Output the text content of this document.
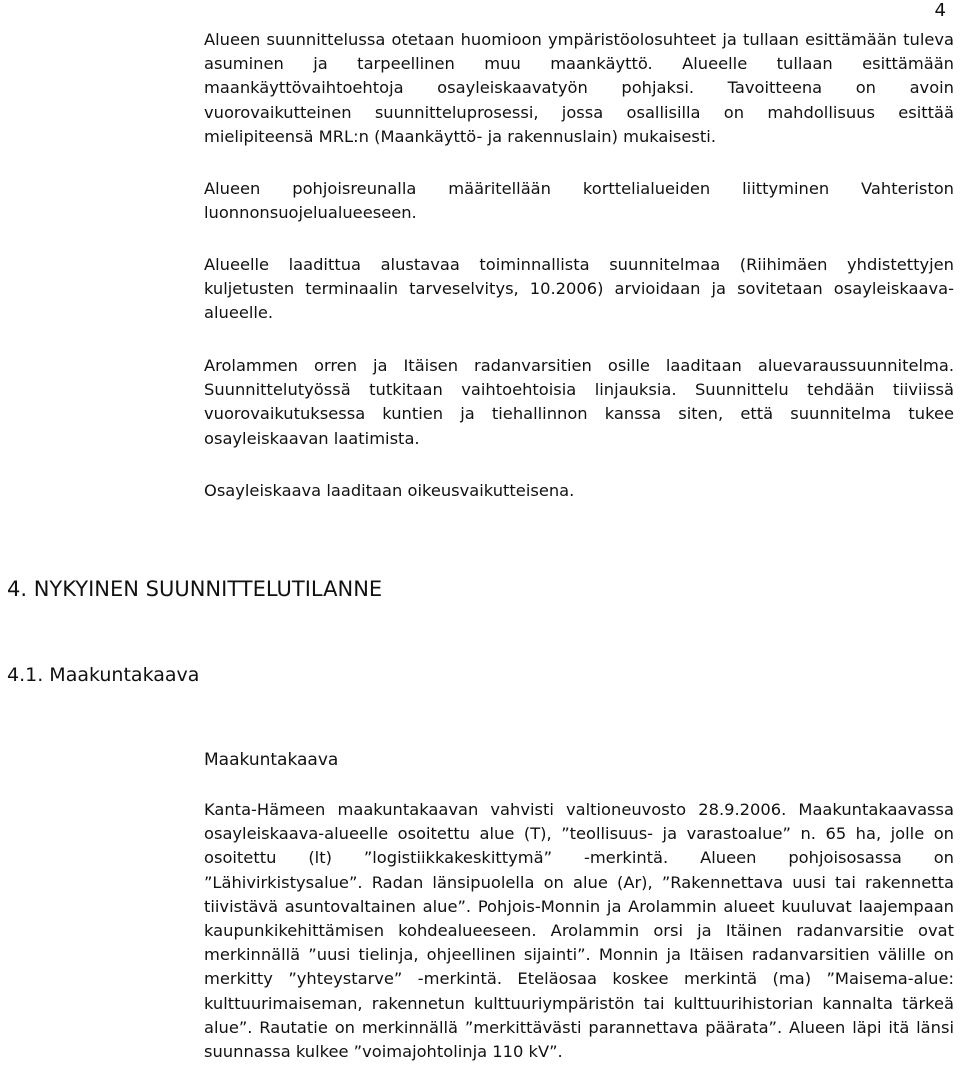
4

Alueen suunnittelussa otetaan huomioon ympäristöolosuhteet ja tullaan esittämään tuleva asuminen ja tarpeellinen muu maankäyttö. Alueelle tullaan esittämään maankäyttövaihtoehtoja osayleiskaavatyön pohjaksi. Tavoitteena on avoin vuorovaikutteinen suunnitteluprosessi, jossa osallisilla on mahdollisuus esittää mielipiteensä MRL:n (Maankäyttö- ja rakennuslain) mukaisesti.

Alueen pohjoisreunalla määritellään korttelialueiden liittyminen Vahteriston luonnonsuojelualueeseen.

Alueelle laadittua alustavaa toiminnallista suunnitelmaa (Riihimäen yhdistettyjen kuljetusten terminaalin tarveselvitys, 10.2006) arvioidaan ja sovitetaan osayleiskaava-alueelle.

Arolammen orren ja Itäisen radanvarsitien osille laaditaan aluevaraussuunnitelma. Suunnittelutyössä tutkitaan vaihtoehtoisia linjauksia. Suunnittelu tehdään tiiviissä vuorovaikutuksessa kuntien ja tiehallinnon kanssa siten, että suunnitelma tukee osayleiskaavan laatimista.

Osayleiskaava laaditaan oikeusvaikutteisena.

4. NYKYINEN SUUNNITTELUTILANNE
4.1. Maakuntakaava
Maakuntakaava

Kanta-Hämeen maakuntakaavan vahvisti valtioneuvosto 28.9.2006. Maakuntakaavassa osayleiskaava-alueelle osoitettu alue (T), ”teollisuus- ja varastoalue” n. 65 ha, jolle on osoitettu (lt) ”logistiikkakeskittymä” -merkintä. Alueen pohjoisosassa on ”Lähivirkistysalue”. Radan länsipuolella on alue (Ar), ”Rakennettava uusi tai rakennetta tiivistävä asuntovaltainen alue”. Pohjois-Monnin ja Arolammin alueet kuuluvat laajempaan kaupunkikehittämisen kohdealueeseen. Arolammin orsi ja Itäinen radanvarsitie ovat merkinnällä ”uusi tielinja, ohjeellinen sijainti”. Monnin ja Itäisen radanvarsitien välille on merkitty ”yhteystarve” -merkintä. Eteläosaa koskee merkintä (ma) ”Maisema-alue: kulttuurimaiseman, rakennetun kulttuuriympäristön tai kulttuurihistorian kannalta tärkeä alue”. Rautatie on merkinnällä ”merkittävästi parannettava päärata”. Alueen läpi itä länsi suunnassa kulkee ”voimajohtolinja 110 kV”.
